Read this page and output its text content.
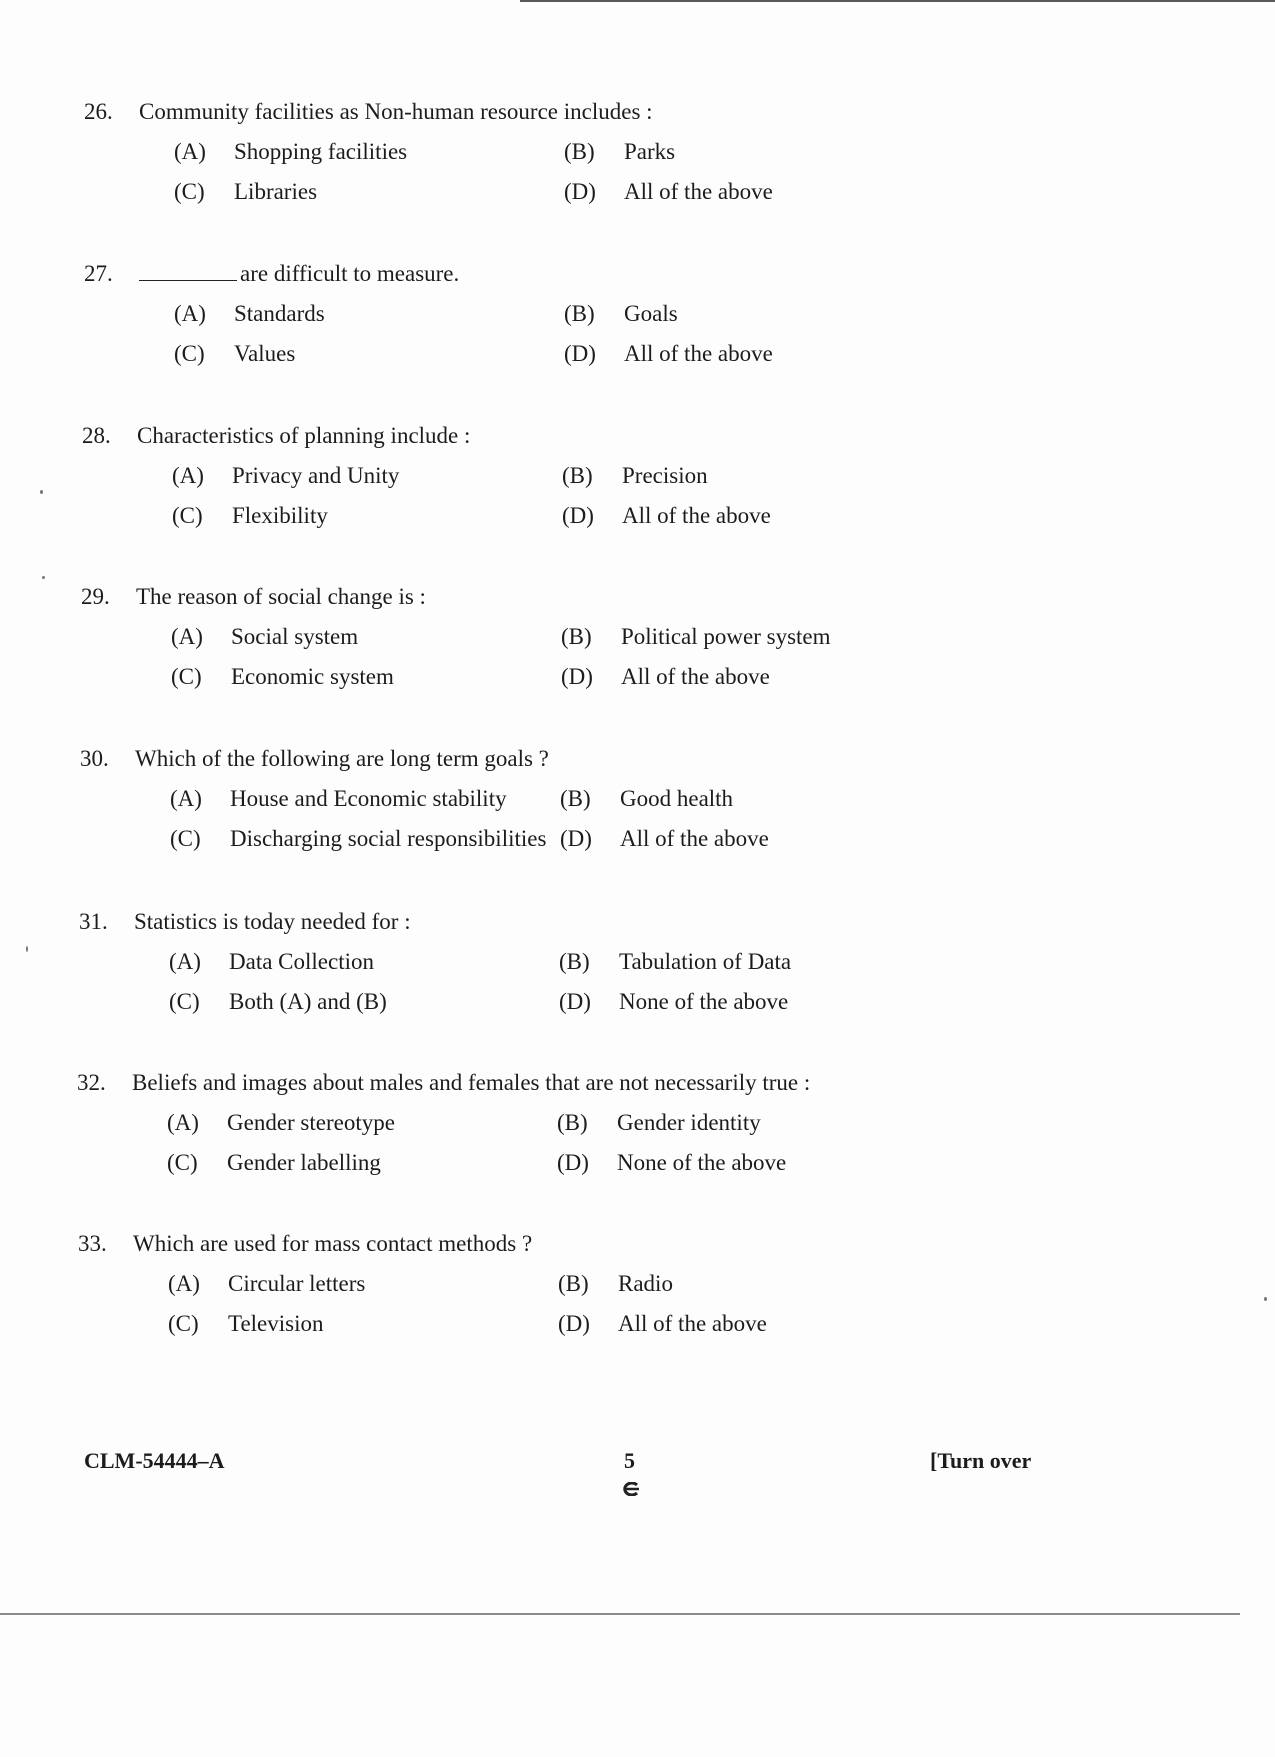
26.	Community facilities as Non-human resource includes :
(A)	Shopping facilities	(B)	Parks
(C)	Libraries	(D)	All of the above
27.	are difficult to measure.
(A)	Standards	(B)	Goals
(C)	Values	(D)	All of the above
28.	Characteristics of planning include :
(A)	Privacy and Unity	(B)	Precision
(C)	Flexibility	(D)	All of the above
29.	The reason of social change is :
(A)	Social system	(B)	Political power system
(C)	Economic system	(D)	All of the above
30.	Which of the following are long term goals ?
(A)	House and Economic stability (B)	Good health
(C)	Discharging social responsibilities (D)	All of the above
31.	Statistics is today needed for :
(A)	Data Collection	(B)	Tabulation of Data
(C)	Both (A) and (B)	(D)	None of the above
32.	Beliefs and images about males and females that are not necessarily true :
(A)	Gender stereotype	(B)	Gender identity
(C)	Gender labelling	(D)	None of the above
33.	Which are used for mass contact methods ?
(A)	Circular letters	(B)	Radio
(C)	Television	(D)	All of the above
CLM-54444–A	5	[Turn over
